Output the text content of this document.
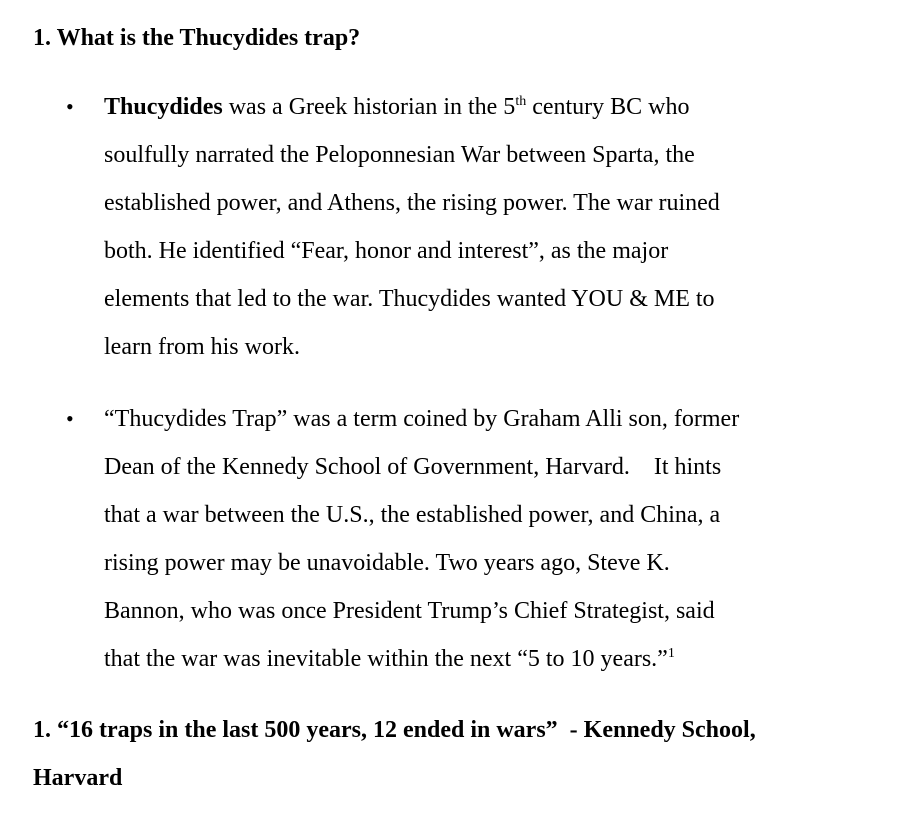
1. What is the Thucydides trap?
• Thucydides was a Greek historian in the 5th century BC who
soulfully narrated the Peloponnesian War between Sparta, the
established power, and Athens, the rising power. The war ruined
both. He identified “Fear, honor and interest”, as the major
elements that led to the war. Thucydides wanted YOU & ME to
learn from his work.

• “Thucydides Trap” was a term coined by Graham Alli son, former
Dean of the Kennedy School of Government, Harvard.    It hints
that a war between the U.S., the established power, and China, a
rising power may be unavoidable. Two years ago, Steve K.
Bannon, who was once President Trump’s Chief Strategist, said
that the war was inevitable within the next “5 to 10 years.”$^1$

1. “16 traps in the last 500 years, 12 ended in wars”  - Kennedy School,
Harvard
